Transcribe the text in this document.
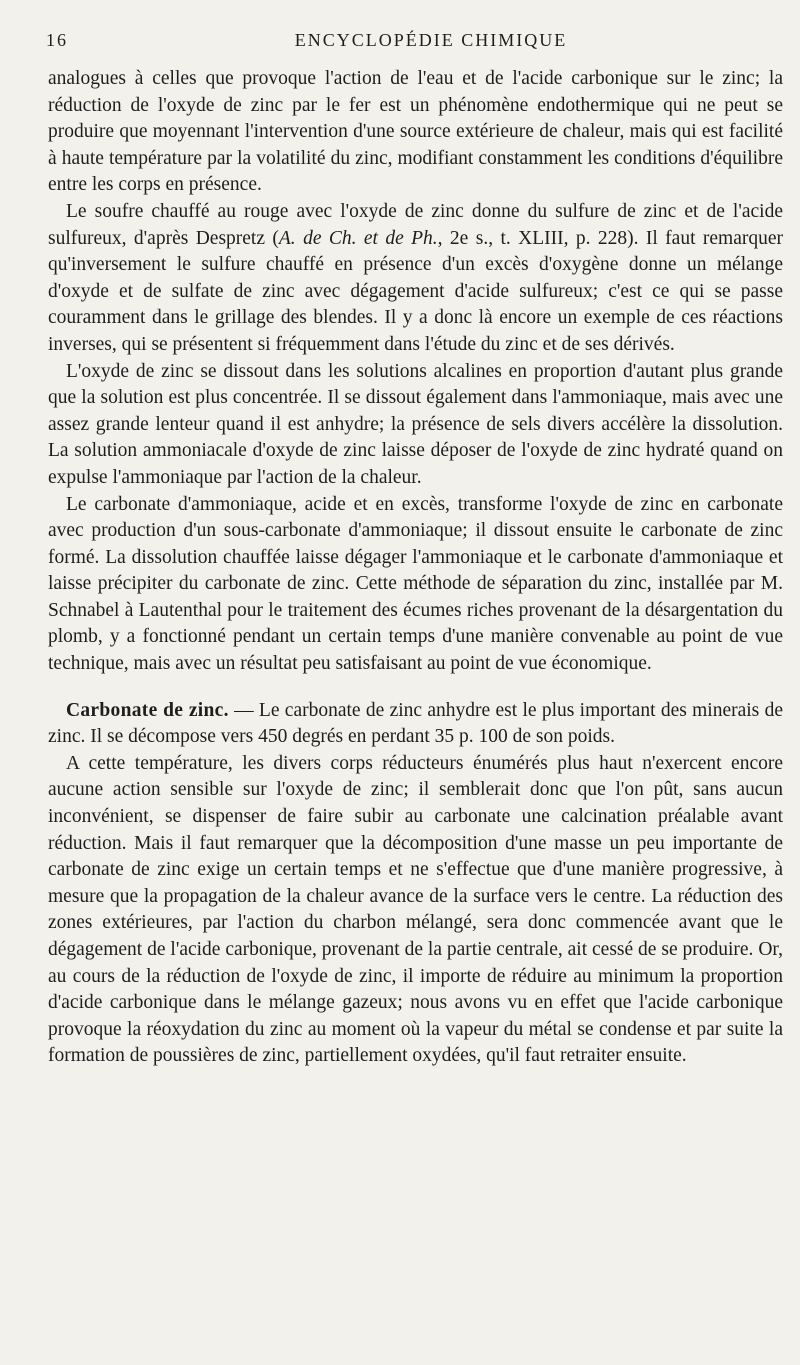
16	ENCYCLOPÉDIE CHIMIQUE

analogues à celles que provoque l'action de l'eau et de l'acide carbonique sur le zinc; la réduction de l'oxyde de zinc par le fer est un phénomène endothermique qui ne peut se produire que moyennant l'intervention d'une source extérieure de chaleur, mais qui est facilité à haute température par la volatilité du zinc, modifiant constamment les conditions d'équilibre entre les corps en présence.

Le soufre chauffé au rouge avec l'oxyde de zinc donne du sulfure de zinc et de l'acide sulfureux, d'après Despretz (A. de Ch. et de Ph., 2e s., t. XLIII, p. 228). Il faut remarquer qu'inversement le sulfure chauffé en présence d'un excès d'oxygène donne un mélange d'oxyde et de sulfate de zinc avec dégagement d'acide sulfureux; c'est ce qui se passe couramment dans le grillage des blendes. Il y a donc là encore un exemple de ces réactions inverses, qui se présentent si fréquemment dans l'étude du zinc et de ses dérivés.

L'oxyde de zinc se dissout dans les solutions alcalines en proportion d'autant plus grande que la solution est plus concentrée. Il se dissout également dans l'ammoniaque, mais avec une assez grande lenteur quand il est anhydre; la présence de sels divers accélère la dissolution. La solution ammoniacale d'oxyde de zinc laisse déposer de l'oxyde de zinc hydraté quand on expulse l'ammoniaque par l'action de la chaleur.

Le carbonate d'ammoniaque, acide et en excès, transforme l'oxyde de zinc en carbonate avec production d'un sous-carbonate d'ammoniaque; il dissout ensuite le carbonate de zinc formé. La dissolution chauffée laisse dégager l'ammoniaque et le carbonate d'ammoniaque et laisse précipiter du carbonate de zinc. Cette méthode de séparation du zinc, installée par M. Schnabel à Lautenthal pour le traitement des écumes riches provenant de la désargentation du plomb, y a fonctionné pendant un certain temps d'une manière convenable au point de vue technique, mais avec un résultat peu satisfaisant au point de vue économique.

Carbonate de zinc. — Le carbonate de zinc anhydre est le plus important des minerais de zinc. Il se décompose vers 450 degrés en perdant 35 p. 100 de son poids.

A cette température, les divers corps réducteurs énumérés plus haut n'exercent encore aucune action sensible sur l'oxyde de zinc; il semblerait donc que l'on pût, sans aucun inconvénient, se dispenser de faire subir au carbonate une calcination préalable avant réduction. Mais il faut remarquer que la décomposition d'une masse un peu importante de carbonate de zinc exige un certain temps et ne s'effectue que d'une manière progressive, à mesure que la propagation de la chaleur avance de la surface vers le centre. La réduction des zones extérieures, par l'action du charbon mélangé, sera donc commencée avant que le dégagement de l'acide carbonique, provenant de la partie centrale, ait cessé de se produire. Or, au cours de la réduction de l'oxyde de zinc, il importe de réduire au minimum la proportion d'acide carbonique dans le mélange gazeux; nous avons vu en effet que l'acide carbonique provoque la réoxydation du zinc au moment où la vapeur du métal se condense et par suite la formation de poussières de zinc, partiellement oxydées, qu'il faut retraiter ensuite.
